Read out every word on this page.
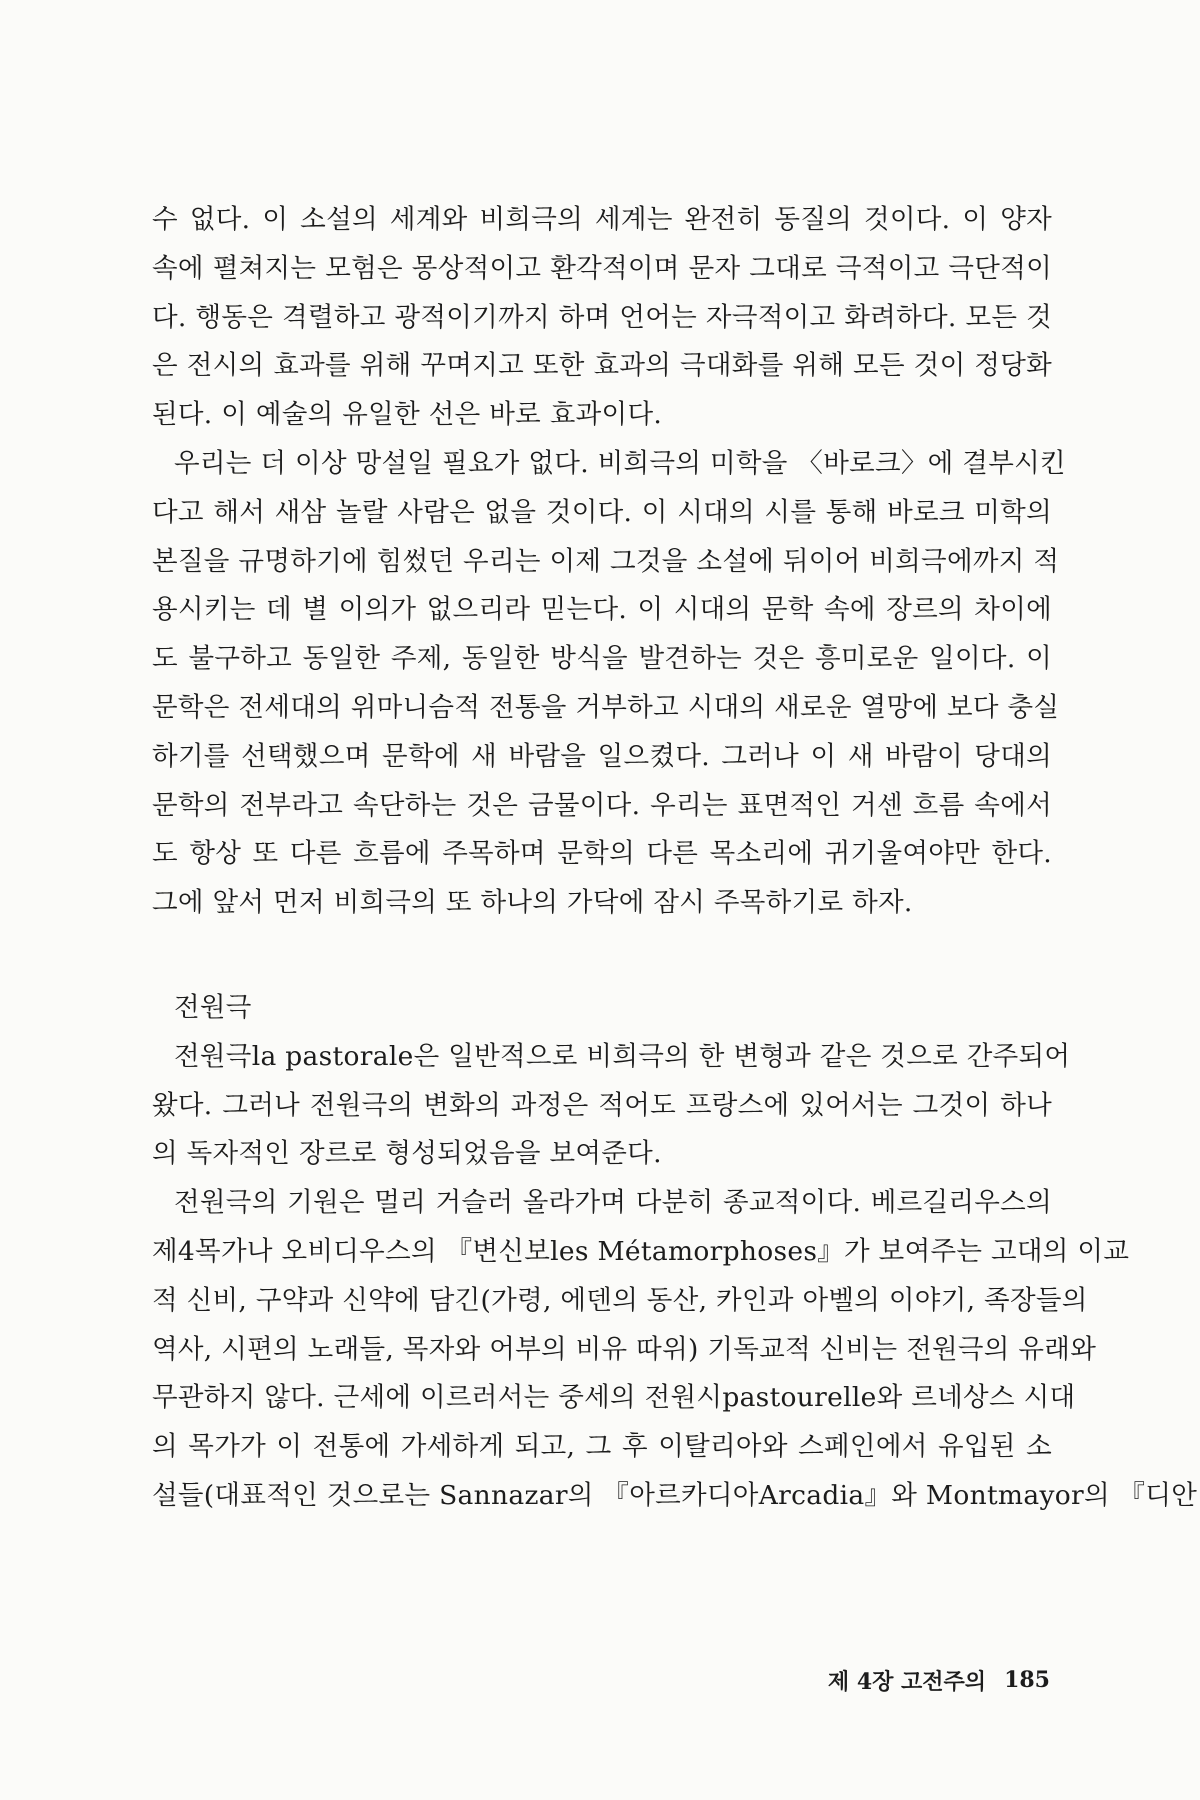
수 없다. 이 소설의 세계와 비희극의 세계는 완전히 동질의 것이다. 이 양자
속에 펼쳐지는 모험은 몽상적이고 환각적이며 문자 그대로 극적이고 극단적이
다. 행동은 격렬하고 광적이기까지 하며 언어는 자극적이고 화려하다. 모든 것
은 전시의 효과를 위해 꾸며지고 또한 효과의 극대화를 위해 모든 것이 정당화
된다. 이 예술의 유일한 선은 바로 효과이다.
우리는 더 이상 망설일 필요가 없다. 비희극의 미학을 〈바로크〉에 결부시킨
다고 해서 새삼 놀랄 사람은 없을 것이다. 이 시대의 시를 통해 바로크 미학의
본질을 규명하기에 힘썼던 우리는 이제 그것을 소설에 뒤이어 비희극에까지 적
용시키는 데 별 이의가 없으리라 믿는다. 이 시대의 문학 속에 장르의 차이에
도 불구하고 동일한 주제, 동일한 방식을 발견하는 것은 흥미로운 일이다. 이
문학은 전세대의 위마니슴적 전통을 거부하고 시대의 새로운 열망에 보다 충실
하기를 선택했으며 문학에 새 바람을 일으켰다. 그러나 이 새 바람이 당대의
문학의 전부라고 속단하는 것은 금물이다. 우리는 표면적인 거센 흐름 속에서
도 항상 또 다른 흐름에 주목하며 문학의 다른 목소리에 귀기울여야만 한다.
그에 앞서 먼저 비희극의 또 하나의 가닥에 잠시 주목하기로 하자.
전원극
전원극la pastorale은 일반적으로 비희극의 한 변형과 같은 것으로 간주되어
왔다. 그러나 전원극의 변화의 과정은 적어도 프랑스에 있어서는 그것이 하나
의 독자적인 장르로 형성되었음을 보여준다.
전원극의 기원은 멀리 거슬러 올라가며 다분히 종교적이다. 베르길리우스의
제4목가나 오비디우스의 『변신보les Métamorphoses』가 보여주는 고대의 이교
적 신비, 구약과 신약에 담긴(가령, 에덴의 동산, 카인과 아벨의 이야기, 족장들의
역사, 시편의 노래들, 목자와 어부의 비유 따위) 기독교적 신비는 전원극의 유래와
무관하지 않다. 근세에 이르러서는 중세의 전원시pastourelle와 르네상스 시대
의 목가가 이 전통에 가세하게 되고, 그 후 이탈리아와 스페인에서 유입된 소
설들(대표적인 것으로는 Sannazar의 『아르카디아Arcadia』와 Montmayor의 『디안
제 4장 고전주의 185
